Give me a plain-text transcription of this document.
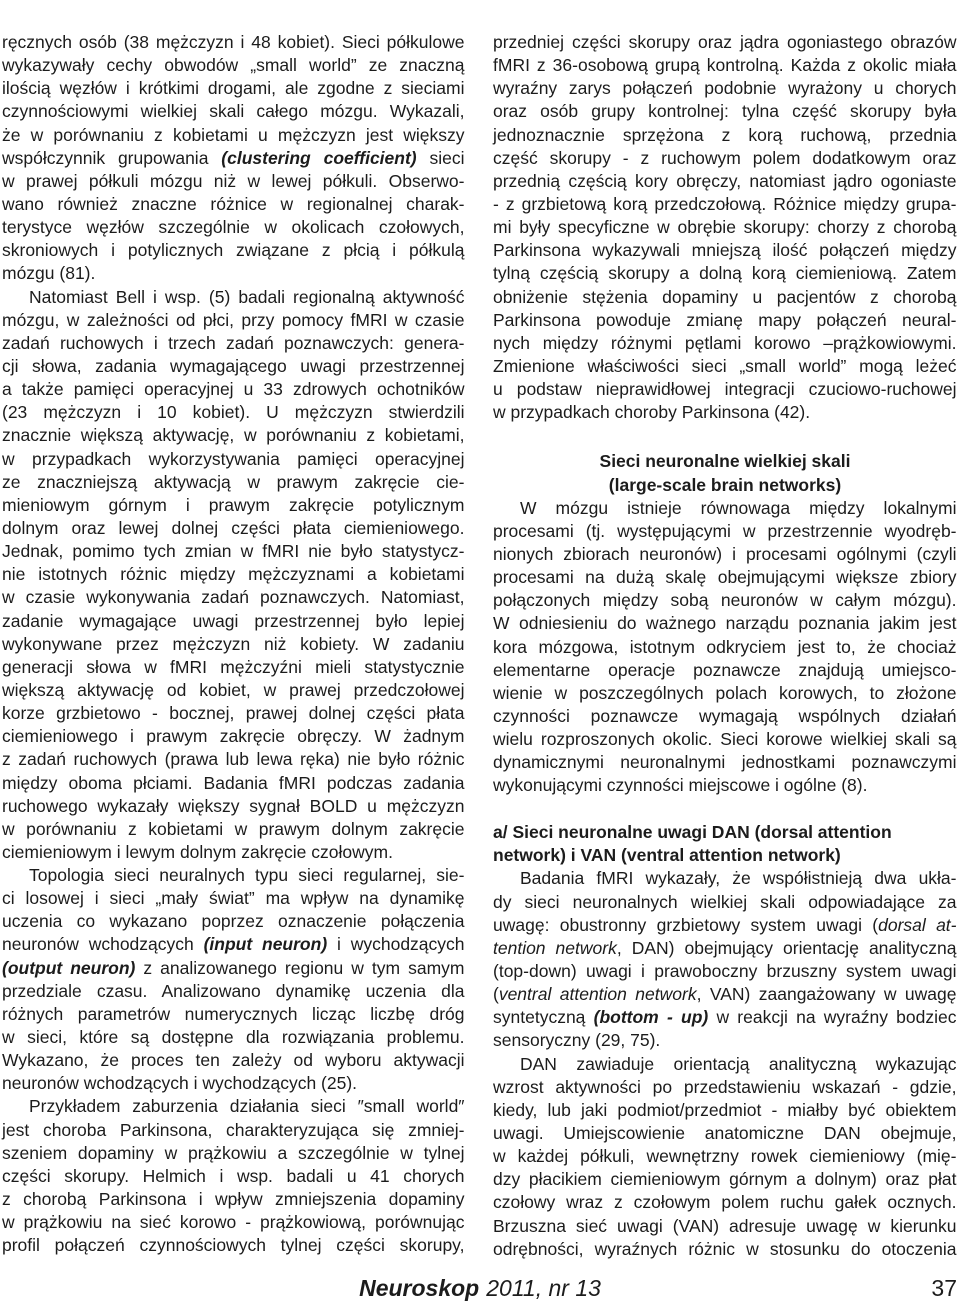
ręcznych osób (38 mężczyzn i 48 kobiet). Sieci półkulowe
wykazywały cechy obwodów „small world” ze znaczną
ilością węzłów i krótkimi drogami, ale zgodne z sieciami
czynnościowymi wielkiej skali całego mózgu. Wykazali,
że w porównaniu z kobietami u mężczyzn jest większy
współczynnik grupowania (clustering coefficient) sieci
w prawej półkuli mózgu niż w lewej półkuli. Obserwo-
wano również znaczne różnice w regionalnej charak-
terystyce węzłów szczególnie w okolicach czołowych,
skroniowych i potylicznych związane z płcią i półkulą
mózgu (81).
Natomiast Bell i wsp. (5) badali regionalną aktywność
mózgu, w zależności od płci, przy pomocy fMRI w czasie
zadań ruchowych i trzech zadań poznawczych: genera-
cji słowa, zadania wymagającego uwagi przestrzennej
a także pamięci operacyjnej u 33 zdrowych ochotników
(23 mężczyzn i 10 kobiet). U mężczyzn stwierdzili
znacznie większą aktywację, w porównaniu z kobietami,
w przypadkach wykorzystywania pamięci operacyjnej
ze znaczniejszą aktywacją w prawym zakręcie cie-
mieniowym górnym i prawym zakręcie potylicznym
dolnym oraz lewej dolnej części płata ciemieniowego.
Jednak, pomimo tych zmian w fMRI nie było statystycz-
nie istotnych różnic między mężczyznami a kobietami
w czasie wykonywania zadań poznawczych. Natomiast,
zadanie wymagające uwagi przestrzennej było lepiej
wykonywane przez mężczyzn niż kobiety. W zadaniu
generacji słowa w fMRI mężczyźni mieli statystycznie
większą aktywację od kobiet, w prawej przedczołowej
korze grzbietowo - bocznej, prawej dolnej części płata
ciemieniowego i prawym zakręcie obręczy. W żadnym
z zadań ruchowych (prawa lub lewa ręka) nie było różnic
między oboma płciami. Badania fMRI podczas zadania
ruchowego wykazały większy sygnał BOLD u mężczyzn
w porównaniu z kobietami w prawym dolnym zakręcie
ciemieniowym i lewym dolnym zakręcie czołowym.
Topologia sieci neuralnych typu sieci regularnej, sie-
ci losowej i sieci „mały świat” ma wpływ na dynamikę
uczenia co wykazano poprzez oznaczenie połączenia
neuronów wchodzących (input neuron) i wychodzących
(output neuron) z analizowanego regionu w tym samym
przedziale czasu. Analizowano dynamikę uczenia dla
różnych parametrów numerycznych licząc liczbę dróg
w sieci, które są dostępne dla rozwiązania problemu.
Wykazano, że proces ten zależy od wyboru aktywacji
neuronów wchodzących i wychodzących (25).
Przykładem zaburzenia działania sieci ″small world″
jest choroba Parkinsona, charakteryzująca się zmniej-
szeniem dopaminy w prążkowiu a szczególnie w tylnej
części skorupy. Helmich i wsp. badali u 41 chorych
z chorobą Parkinsona i wpływ zmniejszenia dopaminy
w prążkowiu na sieć korowo - prążkowiową, porównując
profil połączeń czynnościowych tylnej części skorupy,
przedniej części skorupy oraz jądra ogoniastego obrazów
fMRI z 36-osobową grupą kontrolną. Każda z okolic miała
wyraźny zarys połączeń podobnie wyrażony u chorych
oraz osób grupy kontrolnej: tylna część skorupy była
jednoznacznie sprzężona z korą ruchową, przednia
część skorupy - z ruchowym polem dodatkowym oraz
przednią częścią kory obręczy, natomiast jądro ogoniaste
- z grzbietową korą przedczołową. Różnice między grupa-
mi były specyficzne w obrębie skorupy: chorzy z chorobą
Parkinsona wykazywali mniejszą ilość połączeń między
tylną częścią skorupy a dolną korą ciemieniową. Zatem
obniżenie stężenia dopaminy u pacjentów z chorobą
Parkinsona powoduje zmianę mapy połączeń neural-
nych między różnymi pętlami korowo –prążkowiowymi.
Zmienione właściwości sieci „small world” mogą leżeć
u podstaw nieprawidłowej integracji czuciowo-ruchowej
w przypadkach choroby Parkinsona (42).
Sieci neuronalne wielkiej skali
(large-scale brain networks)
W mózgu istnieje równowaga między lokalnymi
procesami (tj. występującymi w przestrzennie wyodręb-
nionych zbiorach neuronów) i procesami ogólnymi (czyli
procesami na dużą skalę obejmującymi większe zbiory
połączonych między sobą neuronów w całym mózgu).
W odniesieniu do ważnego narządu poznania jakim jest
kora mózgowa, istotnym odkryciem jest to, że chociaż
elementarne operacje poznawcze znajdują umiejsco-
wienie w poszczególnych polach korowych, to złożone
czynności poznawcze wymagają wspólnych działań
wielu rozproszonych okolic. Sieci korowe wielkiej skali są
dynamicznymi neuronalnymi jednostkami poznawczymi
wykonującymi czynności miejscowe i ogólne (8).
a/ Sieci neuronalne uwagi DAN (dorsal attention
network) i VAN (ventral attention network)
Badania fMRI wykazały, że współistnieją dwa ukła-
dy sieci neuronalnych wielkiej skali odpowiadające za
uwagę: obustronny grzbietowy system uwagi (dorsal at-
tention network, DAN) obejmujący orientację analityczną
(top-down) uwagi i prawoboczny brzuszny system uwagi
(ventral attention network, VAN) zaangażowany w uwagę
syntetyczną (bottom - up) w reakcji na wyraźny bodziec
sensoryczny (29, 75).
DAN zawiaduje orientacją analityczną wykazując
wzrost aktywności po przedstawieniu wskazań - gdzie,
kiedy, lub jaki podmiot/przedmiot - miałby być obiektem
uwagi. Umiejscowienie anatomiczne DAN obejmuje,
w każdej półkuli, wewnętrzny rowek ciemieniowy (mię-
dzy płacikiem ciemieniowym górnym a dolnym) oraz płat
czołowy wraz z czołowym polem ruchu gałek ocznych.
Brzuszna sieć uwagi (VAN) adresuje uwagę w kierunku
odrębności, wyraźnych różnic w stosunku do otoczenia
Neuroskop 2011, nr 13	37
